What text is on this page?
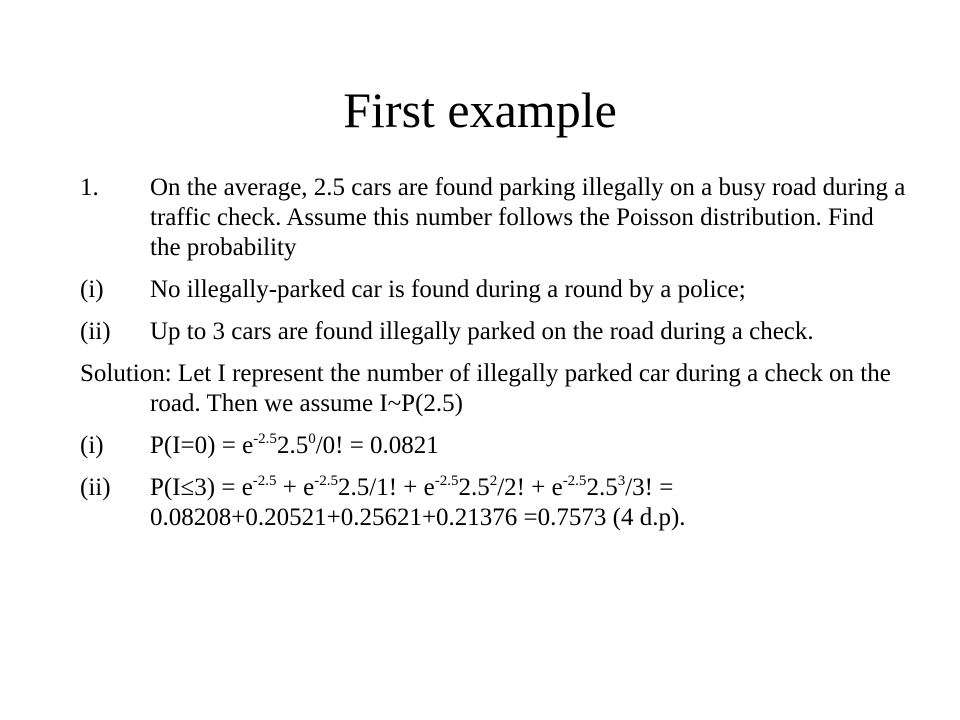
First example
1. On the average, 2.5 cars are found parking illegally on a busy road during a traffic check. Assume this number follows the Poisson distribution. Find the probability
(i) No illegally-parked car is found during a round by a police;
(ii) Up to 3 cars are found illegally parked on the road during a check.
Solution: Let I represent the number of illegally parked car during a check on the road. Then we assume I~P(2.5)
(i) $P(I=0) = e^{-2.5}2.5^0/0$! = 0.0821
(ii) $P(I\le 3) = e^{-2.5} + e^{-2.5}2.5/1$! + $e^{-2.5}2.5^2/2$! + $e^{-2.5}2.5^3/3$! = 0.08208+0.20521+0.25621+0.21376 =0.7573 (4 d.p).
